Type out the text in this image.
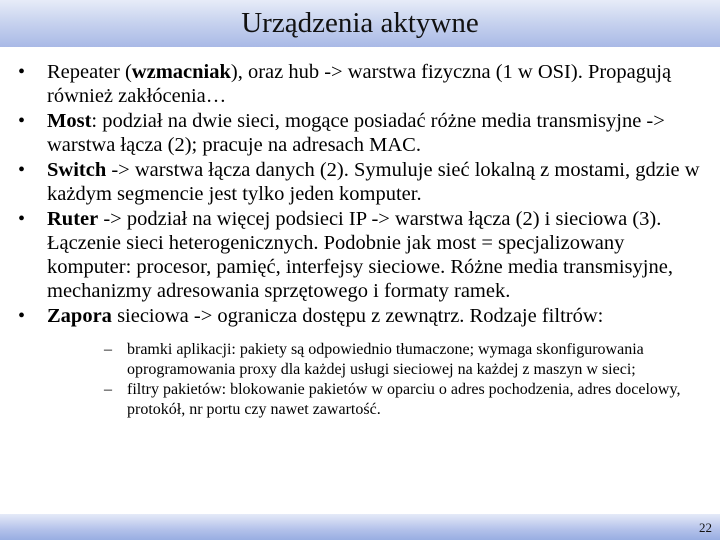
Urządzenia aktywne
• Repeater (wzmacniak), oraz hub -> warstwa fizyczna (1 w OSI). Propagują również zakłócenia…
• Most: podział na dwie sieci, mogące posiadać różne media transmisyjne -> warstwa łącza (2); pracuje na adresach MAC.
• Switch -> warstwa łącza danych (2). Symuluje sieć lokalną z mostami, gdzie w każdym segmencie jest tylko jeden komputer.
• Ruter -> podział na więcej podsieci IP -> warstwa łącza (2) i sieciowa (3). Łączenie sieci heterogenicznych. Podobnie jak most = specjalizowany komputer: procesor, pamięć, interfejsy sieciowe. Różne media transmisyjne, mechanizmy adresowania sprzętowego i formaty ramek.
• Zapora sieciowa -> ogranicza dostępu z zewnątrz. Rodzaje filtrów:
– bramki aplikacji: pakiety są odpowiednio tłumaczone; wymaga skonfigurowania oprogramowania proxy dla każdej usługi sieciowej na każdej z maszyn w sieci;
– filtry pakietów: blokowanie pakietów w oparciu o adres pochodzenia, adres docelowy, protokół, nr portu czy nawet zawartość.
22
